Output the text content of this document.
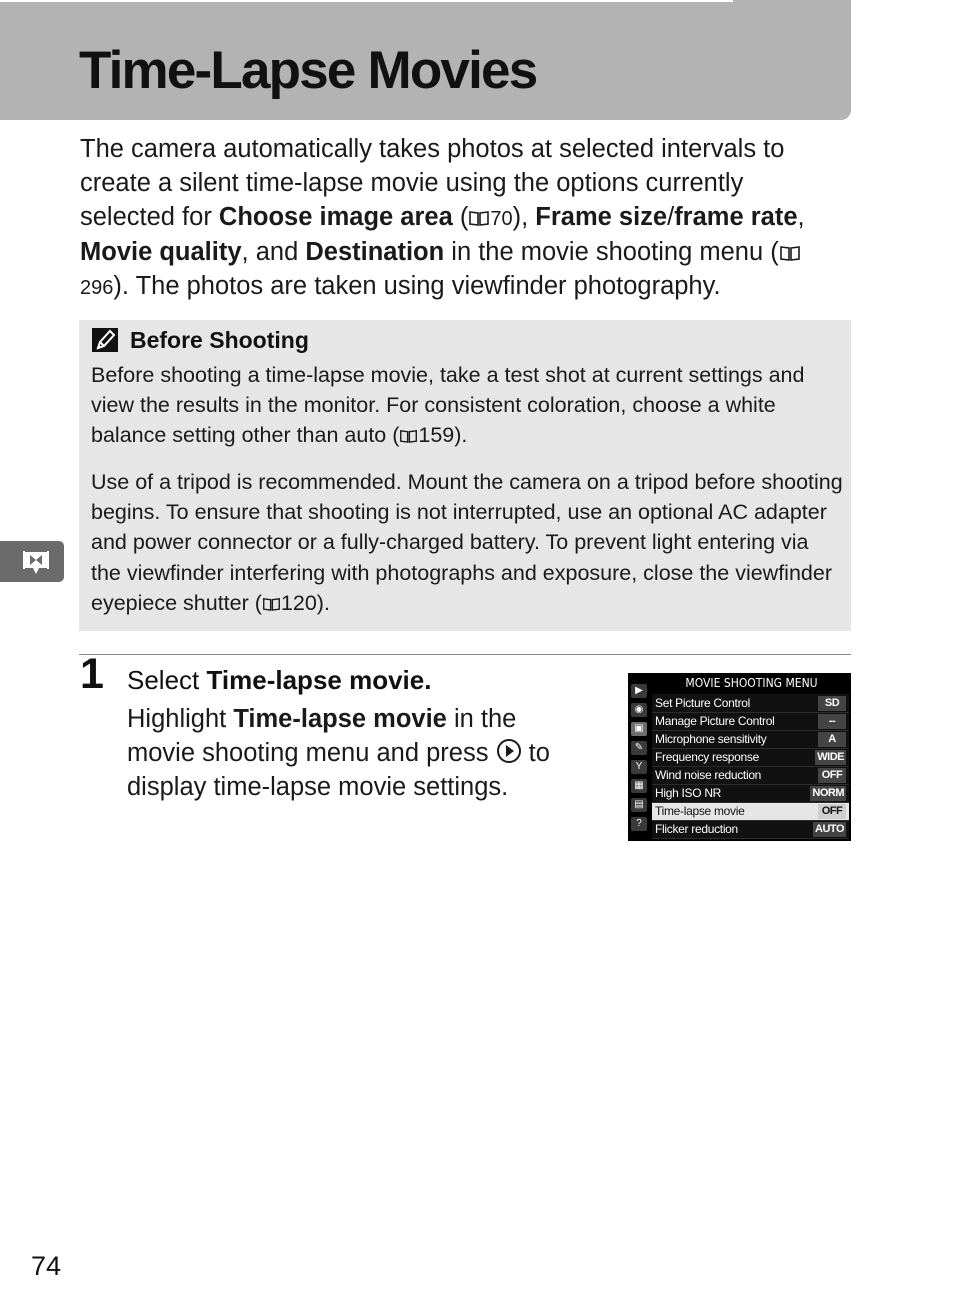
Time-Lapse Movies

The camera automatically takes photos at selected intervals to create a silent time-lapse movie using the options currently selected for Choose image area ( 70), Frame size/frame rate, Movie quality, and Destination in the movie shooting menu (296). The photos are taken using viewfinder photography.

Before Shooting

Before shooting a time-lapse movie, take a test shot at current settings and view the results in the monitor. For consistent coloration, choose a white balance setting other than auto ( 159).

Use of a tripod is recommended. Mount the camera on a tripod before shooting begins. To ensure that shooting is not interrupted, use an optional AC adapter and power connector or a fully-charged battery. To prevent light entering via the viewfinder interfering with photographs and exposure, close the viewfinder eyepiece shutter ( 120).

1 Select Time-lapse movie.

Highlight Time-lapse movie in the movie shooting menu and press  to display time-lapse movie settings.

MOVIE SHOOTING MENU
▶
◉
▣
✎
Y
▦
▤
?
Set Picture Control	SD
Manage Picture Control	--
Microphone sensitivity	A
Frequency response	WIDE
Wind noise reduction	OFF
High ISO NR	NORM
Time-lapse movie	OFF
Flicker reduction	AUTO
74
